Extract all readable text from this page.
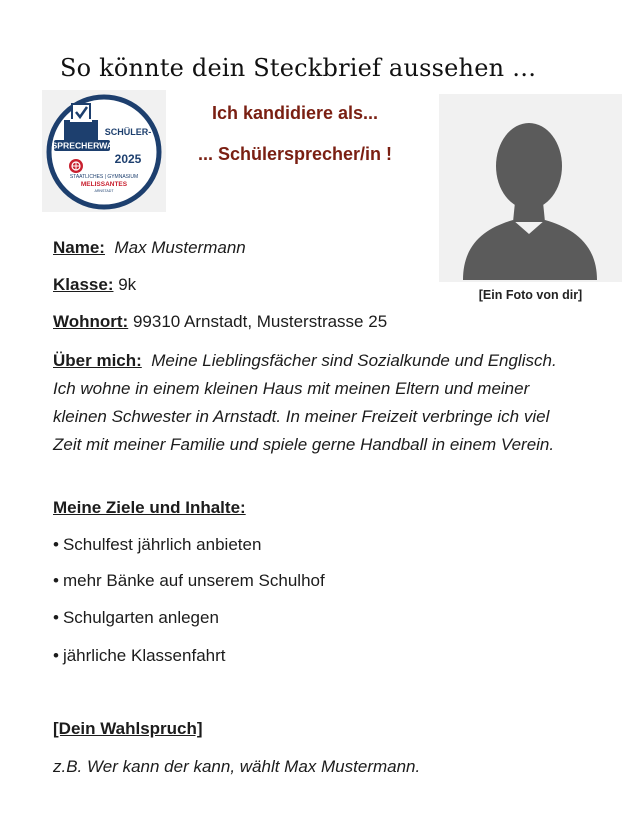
So könnte dein Steckbrief aussehen …
SCHÜLER-
SPRECHERWAHL
2025
STAATLICHES | GYMNASIUM
MELISSANTES
ARNSTADT
Ich kandidiere als...
... Schülersprecher/in !
[Ein Foto von dir]
Name: Max Mustermann
Klasse: 9k
Wohnort: 99310 Arnstadt, Musterstrasse 25
Über mich: Meine Lieblingsfächer sind Sozialkunde und Englisch. Ich wohne in einem kleinen Haus mit meinen Eltern und meiner kleinen Schwester in Arnstadt. In meiner Freizeit verbringe ich viel Zeit mit meiner Familie und spiele gerne Handball in einem Verein.
Meine Ziele und Inhalte:
• Schulfest jährlich anbieten
• mehr Bänke auf unserem Schulhof
• Schulgarten anlegen
• jährliche Klassenfahrt
[Dein Wahlspruch]
z.B. Wer kann der kann, wählt Max Mustermann.
